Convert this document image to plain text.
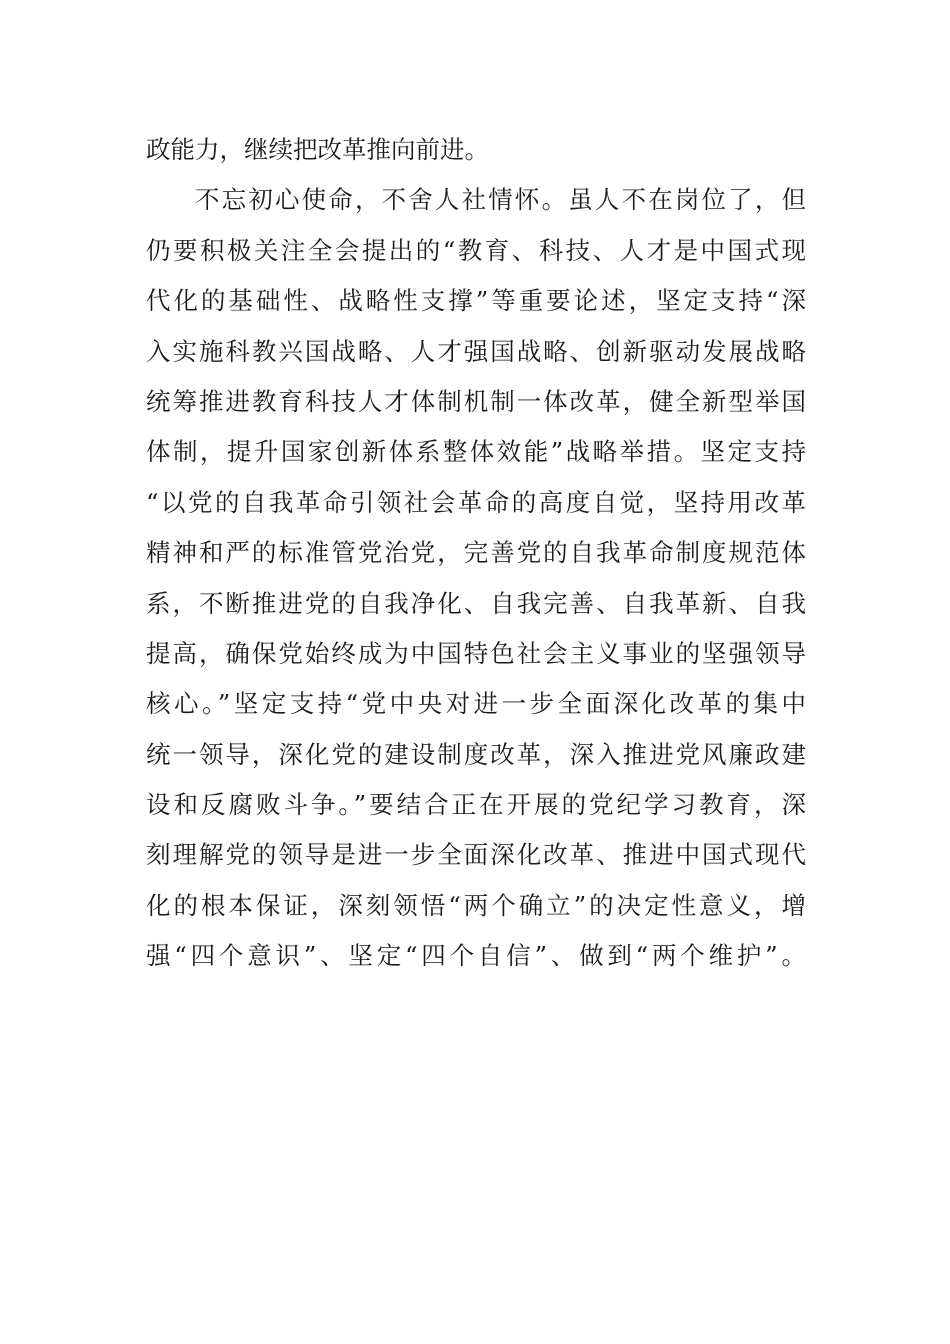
政能力，继续把改革推向前进。
不忘初心使命，不舍人社情怀。虽人不在岗位了，但
仍要积极关注全会提出的“教育、科技、人才是中国式现
代化的基础性、战略性支撑”等重要论述，坚定支持“深
入实施科教兴国战略、人才强国战略、创新驱动发展战略
统筹推进教育科技人才体制机制一体改革，健全新型举国
体制，提升国家创新体系整体效能”战略举措。坚定支持
“以党的自我革命引领社会革命的高度自觉，坚持用改革
精神和严的标准管党治党，完善党的自我革命制度规范体
系，不断推进党的自我净化、自我完善、自我革新、自我
提高，确保党始终成为中国特色社会主义事业的坚强领导
核心。”坚定支持“党中央对进一步全面深化改革的集中
统一领导，深化党的建设制度改革，深入推进党风廉政建
设和反腐败斗争。”要结合正在开展的党纪学习教育，深
刻理解党的领导是进一步全面深化改革、推进中国式现代
化的根本保证，深刻领悟“两个确立”的决定性意义，增
强“四个意识”、坚定“四个自信”、做到“两个维护”。
